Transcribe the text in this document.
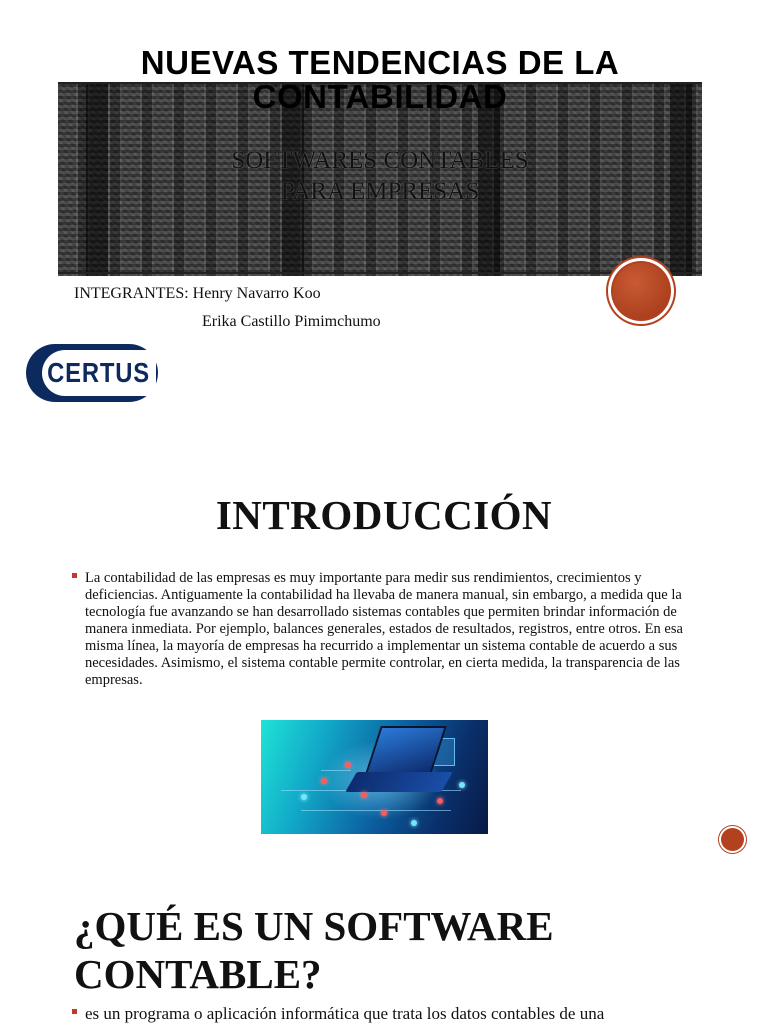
NUEVAS TENDENCIAS DE LA CONTABILIDAD
SOFTWARES CONTABLES
PARA EMPRESAS
INTEGRANTES: Henry Navarro Koo
Erika Castillo Pimimchumo
CERTUS
INTRODUCCIÓN

La contabilidad de las empresas es muy importante para medir sus rendimientos, crecimientos y deficiencias. Antiguamente la contabilidad ha llevaba de manera manual, sin embargo, a medida que la tecnología fue avanzando se han desarrollado sistemas contables que permiten brindar información de manera inmediata. Por ejemplo, balances generales, estados de resultados, registros, entre otros. En esa misma línea, la mayoría de empresas ha recurrido a implementar un sistema contable de acuerdo a sus necesidades. Asimismo, el sistema contable permite controlar, en cierta medida, la transparencia de las empresas.

¿QUÉ ES UN SOFTWARE
CONTABLE?

es un programa o aplicación informática que trata los datos contables de una
